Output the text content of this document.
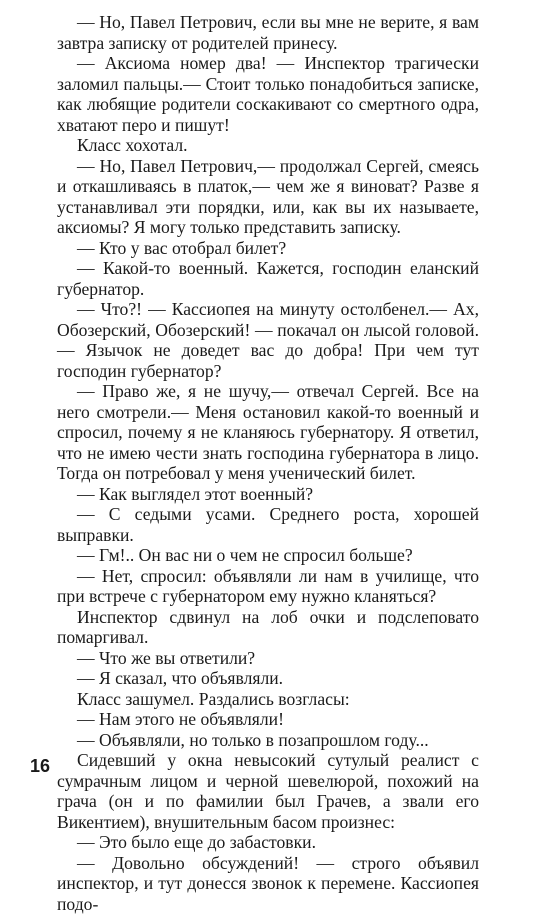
— Но, Павел Петрович, если вы мне не верите, я вам завтра записку от родителей принесу.

— Аксиома номер два! — Инспектор трагически заломил пальцы.— Стоит только понадобиться записке, как любящие родители соскакивают со смертного одра, хватают перо и пишут!

Класс хохотал.

— Но, Павел Петрович,— продолжал Сергей, смеясь и откашливаясь в платок,— чем же я виноват? Разве я устанавливал эти порядки, или, как вы их называете, аксиомы? Я могу только представить записку.

— Кто у вас отобрал билет?

— Какой-то военный. Кажется, господин еланский губернатор.

— Что?! — Кассиопея на минуту остолбенел.— Ах, Обозерский, Обозерский! — покачал он лысой головой.— Язычок не доведет вас до добра! При чем тут господин губернатор?

— Право же, я не шучу,— отвечал Сергей. Все на него смотрели.— Меня остановил какой-то военный и спросил, почему я не кланяюсь губернатору. Я ответил, что не имею чести знать господина губернатора в лицо. Тогда он потребовал у меня ученический билет.

— Как выглядел этот военный?

— С седыми усами. Среднего роста, хорошей выправки.

— Гм!.. Он вас ни о чем не спросил больше?

— Нет, спросил: объявляли ли нам в училище, что при встрече с губернатором ему нужно кланяться?

Инспектор сдвинул на лоб очки и подслеповато помаргивал.

— Что же вы ответили?

— Я сказал, что объявляли.

Класс зашумел. Раздались возгласы:

— Нам этого не объявляли!

— Объявляли, но только в позапрошлом году...

Сидевший у окна невысокий сутулый реалист с сумрачным лицом и черной шевелюрой, похожий на грача (он и по фамилии был Грачев, а звали его Викентием), внушительным басом произнес:

— Это было еще до забастовки.

— Довольно обсуждений! — строго объявил инспектор, и тут донесся звонок к перемене. Кассиопея подо-

16
